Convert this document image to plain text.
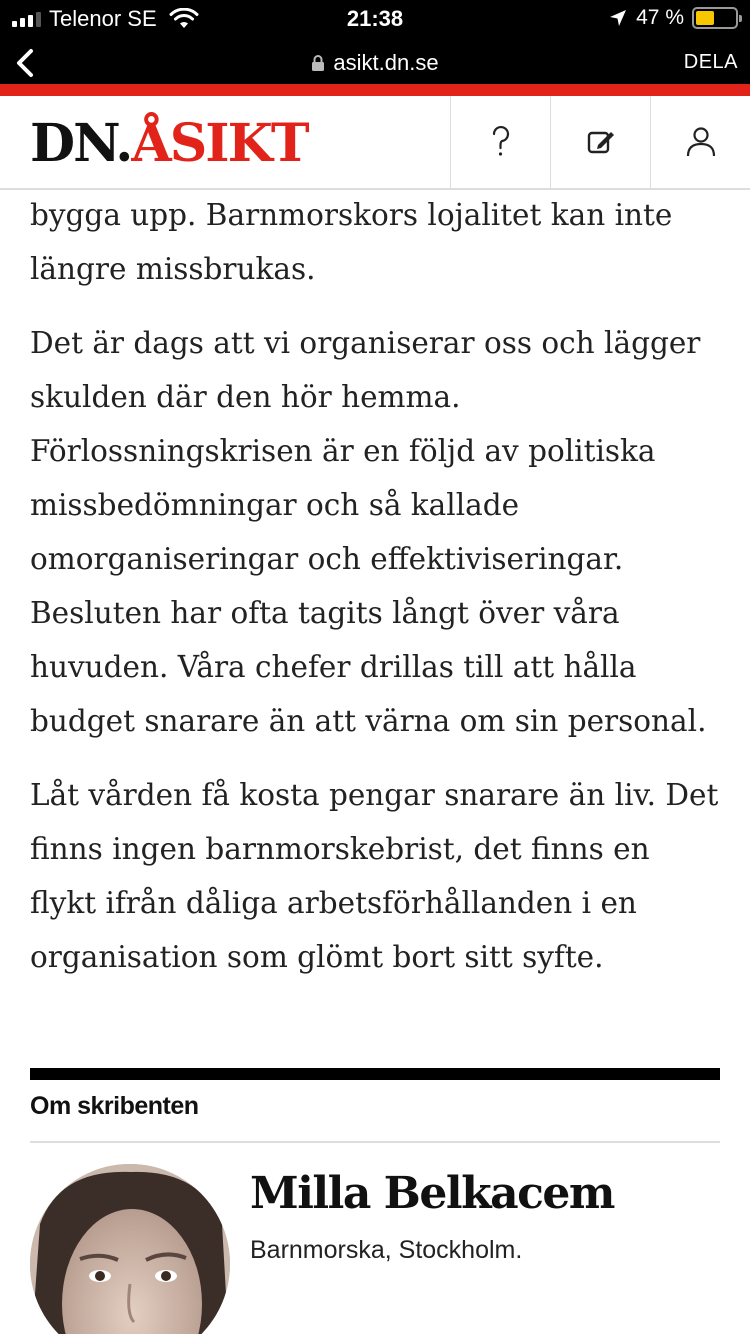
Telenor SE	21:38	47 %
asikt.dn.se	DELA
DN.ÅSIKT

bygga upp. Barnmorskors lojalitet kan inte längre missbrukas.

Det är dags att vi organiserar oss och lägger skulden där den hör hemma. Förlossningskrisen är en följd av politiska missbedömningar och så kallade omorganiseringar och effektiviseringar. Besluten har ofta tagits långt över våra huvuden. Våra chefer drillas till att hålla budget snarare än att värna om sin personal.

Låt vården få kosta pengar snarare än liv. Det finns ingen barnmorskebrist, det finns en flykt ifrån dåliga arbetsförhållanden i en organisation som glömt bort sitt syfte.

Om skribenten
Milla Belkacem
Barnmorska, Stockholm.
